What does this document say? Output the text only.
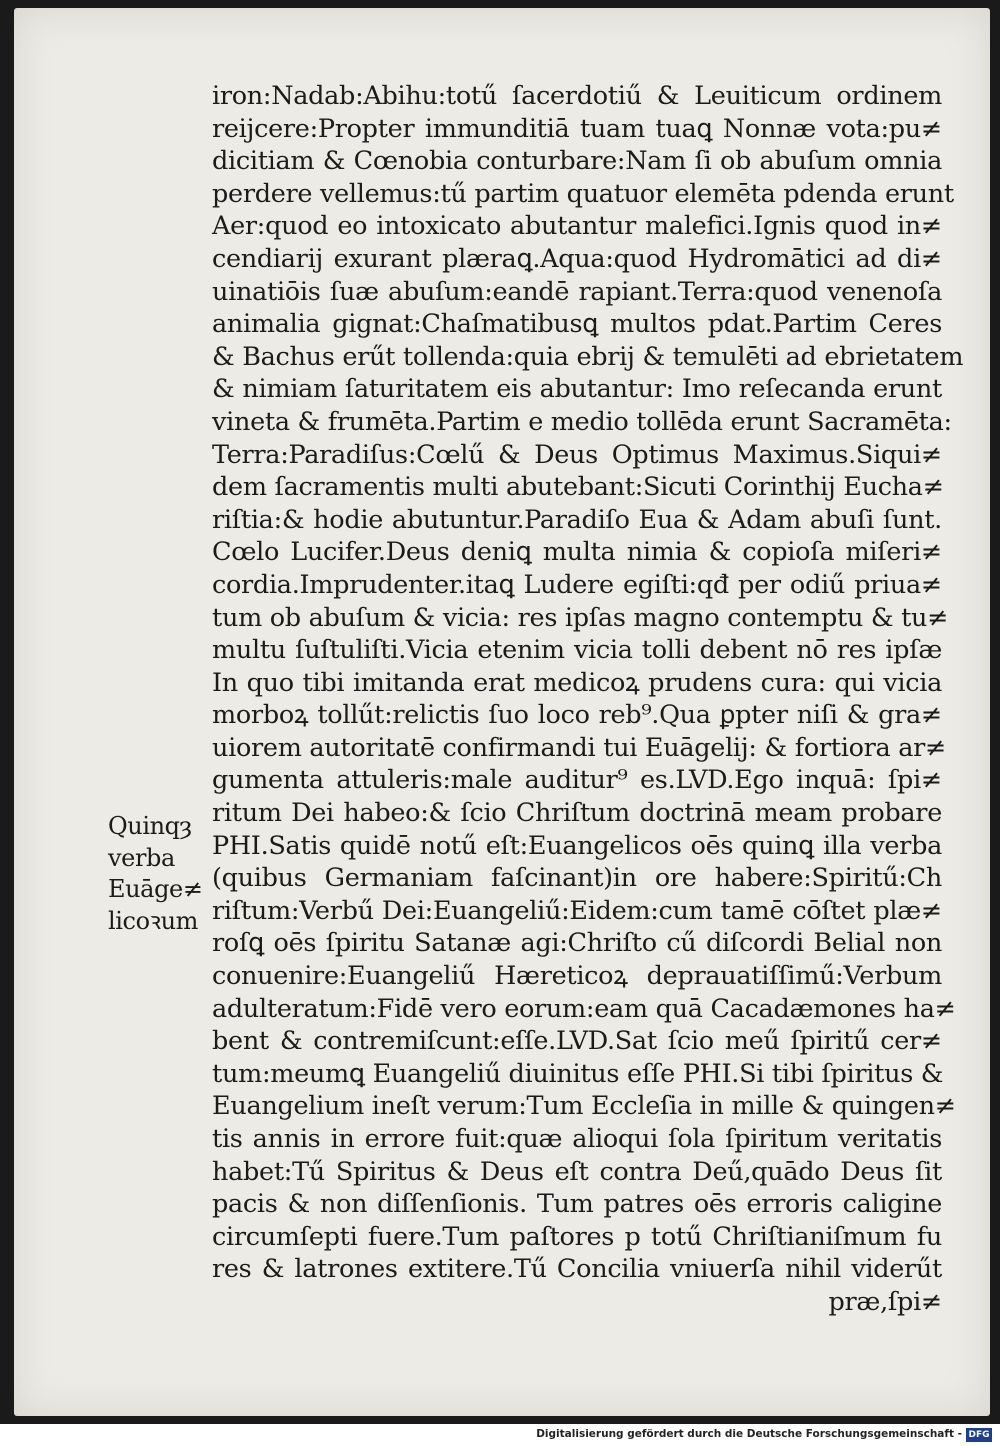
iron:Nadab:Abihu:totű ſacerdotiű & Leuiticum ordinem
reijcere:Propter immunditiā tuam tuaꝗ Nonnæ vota:pu≠
dicitiam & Cœnobia conturbare:Nam ſi ob abuſum omnia
perdere vellemus:tű partim quatuor elemēta pdenda erunt
Aer:quod eo intoxicato abutantur malefici.Ignis quod in≠
cendiarij exurant plæraꝗ.Aqua:quod Hydromātici ad di≠
uinatiōis ſuæ abuſum:eandē rapiant.Terra:quod venenoſa
animalia gignat:Chaſmatibusꝗ multos pdat.Partim Ceres
& Bachus erűt tollenda:quia ebrij & temulēti ad ebrietatem
& nimiam ſaturitatem eis abutantur: Imo reſecanda erunt
vineta & frumēta.Partim e medio tollēda erunt Sacramēta:
Terra:Paradiſus:Cœlű & Deus Optimus Maximus.Siqui≠
dem ſacramentis multi abutebant:Sicuti Corinthij Eucha≠
riſtia:& hodie abutuntur.Paradiſo Eua & Adam abuſi ſunt.
Cœlo Lucifer.Deus deniꝗ multa nimia & copioſa miſeri≠
cordia.Imprudenter.itaꝗ Ludere egiſti:qđ per odiű priua≠
tum ob abuſum & vicia: res ipſas magno contemptu & tu≠
multu ſuſtuliſti.Vicia etenim vicia tolli debent nō res ipſæ
In quo tibi imitanda erat medicoꝝ prudens cura: qui vicia
morboꝝ tollűt:relictis ſuo loco reb⁹.Qua ꝑpter niſi & gra≠
uiorem autoritatē confirmandi tui Euāgelij: & fortiora ar≠
gumenta attuleris:male auditur⁹ es.LVD.Ego inquā: ſpi≠
ritum Dei habeo:& ſcio Chriſtum doctrinā meam probare
PHI.Satis quidē notű eſt:Euangelicos oēs quinꝗ illa verba
(quibus Germaniam faſcinant)in ore habere:Spiritű:Ch
riſtum:Verbű Dei:Euangeliű:Eidem:cum tamē cōſtet plæ≠
roſꝗ oēs ſpiritu Satanæ agi:Chriſto cű diſcordi Belial non
conuenire:Euangeliű Hæreticoꝝ deprauatiſſimű:Verbum
adulteratum:Fidē vero eorum:eam quā Cacadæmones ha≠
bent & contremiſcunt:eſſe.LVD.Sat ſcio meű ſpiritű cer≠
tum:meumꝗ Euangeliű diuinitus eſſe PHI.Si tibi ſpiritus &
Euangelium ineſt verum:Tum Eccleſia in mille & quingen≠
tis annis in errore fuit:quæ alioqui ſola ſpiritum veritatis
habet:Tű Spiritus & Deus eſt contra Deű,quādo Deus ſit
pacis & non diſſenſionis. Tum patres oēs erroris caligine
circumſepti fuere.Tum paſtores p totű Chriſtianiſmum fu
res & latrones extitere.Tű Concilia vniuerſa nihil viderűt
præ,ſpi≠
Quinqȝ
verba
Euāge≠
licoꝛum
Digitalisierung gefördert durch die Deutsche Forschungsgemeinschaft - DFG
